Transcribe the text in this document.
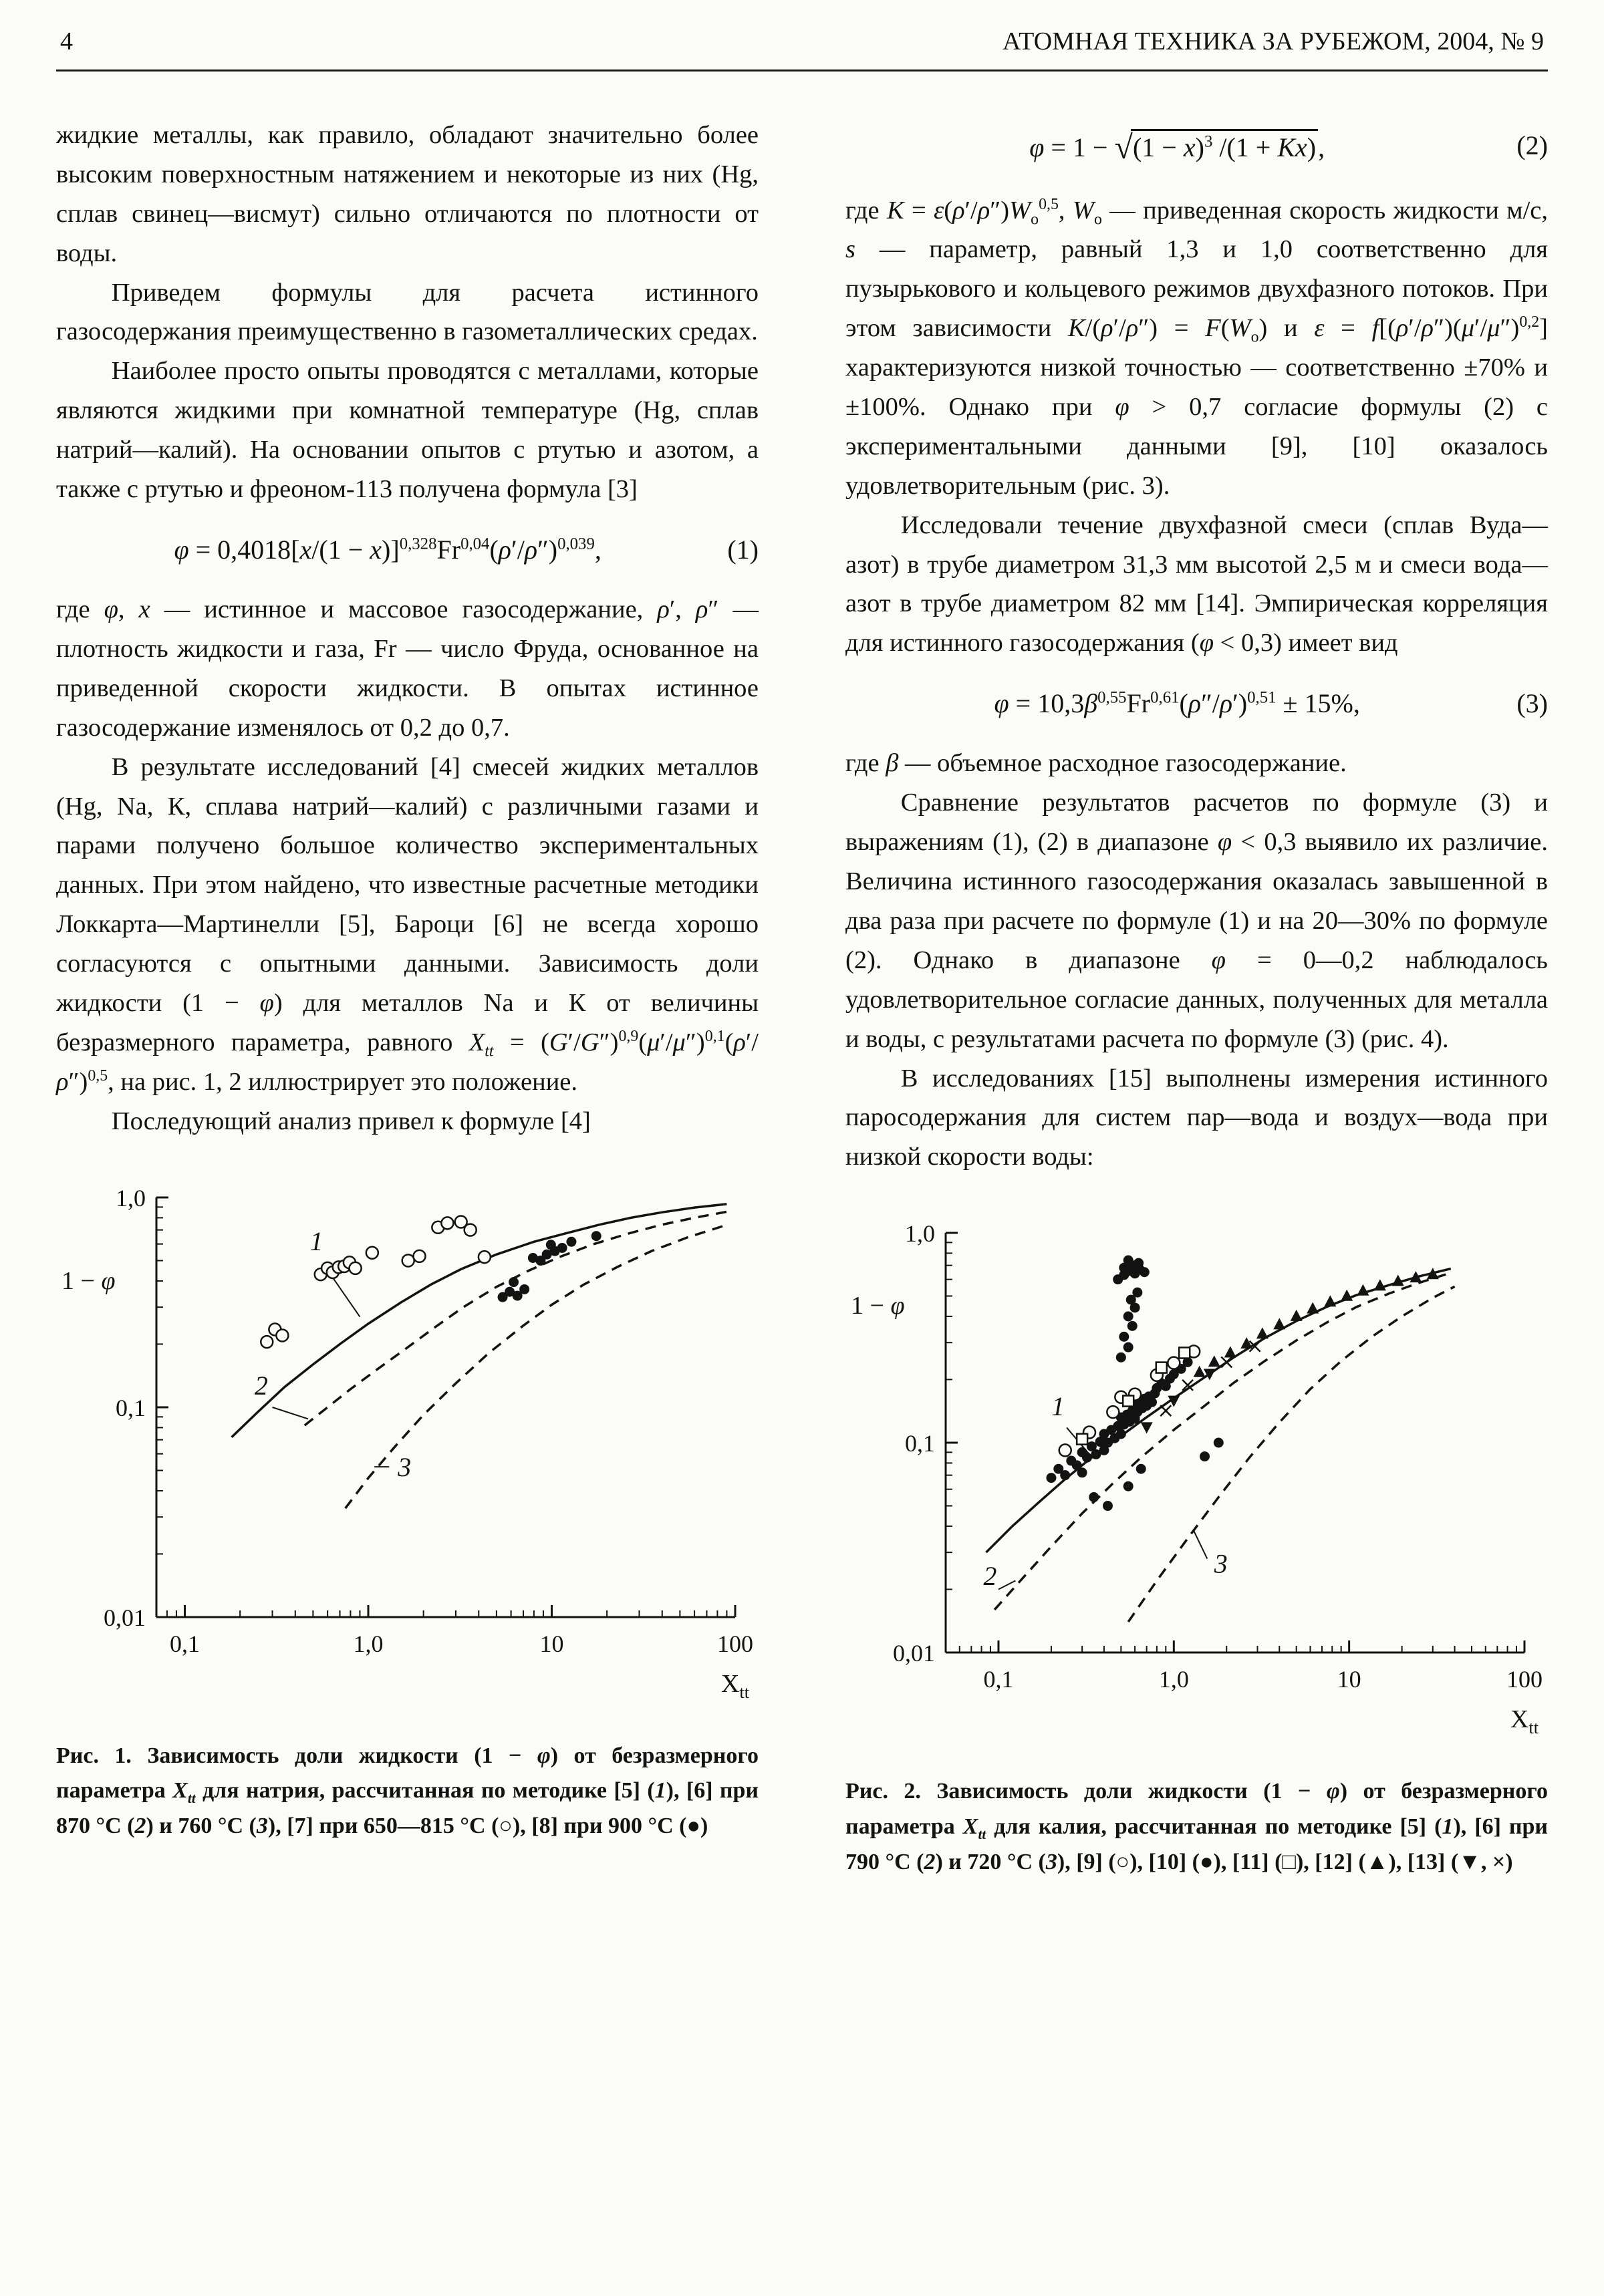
4	АТОМНАЯ ТЕХНИКА ЗА РУБЕЖОМ, 2004, № 9

жидкие металлы, как правило, обладают значительно более высоким поверхностным натяжением и некоторые из них (Hg, сплав свинец—висмут) сильно отличаются по плотности от воды.

Приведем формулы для расчета истинного газосодержания преимущественно в газометаллических средах.

Наиболее просто опыты проводятся с металлами, которые являются жидкими при комнатной температуре (Hg, сплав натрий—калий). На основании опытов с ртутью и азотом, а также с ртутью и фреоном-113 получена формула [3]

$\varphi = 0,4018[x/(1 - x)]^{0,328}Fr^{0,04}(\rho'/\rho'')^{0,039}$,	(1)

где φ, x — истинное и массовое газосодержание, ρ′, ρ″ — плотность жидкости и газа, Fr — число Фруда, основанное на приведенной скорости жидкости. В опытах истинное газосодержание изменялось от 0,2 до 0,7.

В результате исследований [4] смесей жидких металлов (Hg, Na, К, сплава натрий—калий) с различными газами и парами получено большое количество экспериментальных данных. При этом найдено, что известные расчетные методики Локкарта—Мартинелли [5], Бароци [6] не всегда хорошо согласуются с опытными данными. Зависимость доли жидкости (1 − φ) для металлов Na и К от величины безразмерного параметра, равного $X_{tt} = (G'/G'')^{0,9}(\mu'/\mu'')^{0,1}(\rho'/\rho'')^{0,5}$, на рис. 1, 2 иллюстрирует это положение.

Последующий анализ привел к формуле [4]

0,1	1,0	10	100
1,0
0,1
0,01
1 − φ
$X_{tt}$
1
2
3
Рис. 1. Зависимость доли жидкости (1 − φ) от безразмерного параметра $X_{tt}$ для натрия, рассчитанная по методике [5] (1), [6] при 870 °С (2) и 760 °С (3), [7] при 650—815 °С (○), [8] при 900 °С (●)
$\varphi = 1 - √(1 - x)^3$ /(1 + Kx),	(2)

где $K = \varepsilon(\rho'/\rho'')W_о^{0,5}$, $W_о$ — приведенная скорость жидкости м/с, s — параметр, равный 1,3 и 1,0 соответственно для пузырькового и кольцевого режимов двухфазного потоков. При этом зависимости $K/(\rho'/\rho'') = F(W_о)$ и $\varepsilon = f[(\rho'/\rho'')(\mu'/\mu'')^{0,2}]$ характеризуются низкой точностью — соответственно ±70% и ±100%. Однако при φ > 0,7 согласие формулы (2) с экспериментальными данными [9], [10] оказалось удовлетворительным (рис. 3).

Исследовали течение двухфазной смеси (сплав Вуда—азот) в трубе диаметром 31,3 мм высотой 2,5 м и смеси вода—азот в трубе диаметром 82 мм [14]. Эмпирическая корреляция для истинного газосодержания (φ < 0,3) имеет вид

$\varphi = 10,3\beta^{0,55}Fr^{0,61}(\rho''/\rho')^{0,51} \pm 15\%$,	(3)

где β — объемное расходное газосодержание.

Сравнение результатов расчетов по формуле (3) и выражениям (1), (2) в диапазоне φ < 0,3 выявило их различие. Величина истинного газосодержания оказалась завышенной в два раза при расчете по формуле (1) и на 20—30% по формуле (2). Однако в диапазоне φ = 0—0,2 наблюдалось удовлетворительное согласие данных, полученных для металла и воды, с результатами расчета по формуле (3) (рис. 4).

В исследованиях [15] выполнены измерения истинного паросодержания для систем пар—вода и воздух—вода при низкой скорости воды:

0,1	1,0	10	100
1,0
0,1
0,01
1 − φ
$X_{tt}$
1
2	3
Рис. 2. Зависимость доли жидкости (1 − φ) от безразмерного параметра $X_{tt}$ для калия, рассчитанная по методике [5] (1), [6] при 790 °С (2) и 720 °С (3), [9] (○), [10] (●), [11] (□), [12] (▲), [13] (▼, ×)
